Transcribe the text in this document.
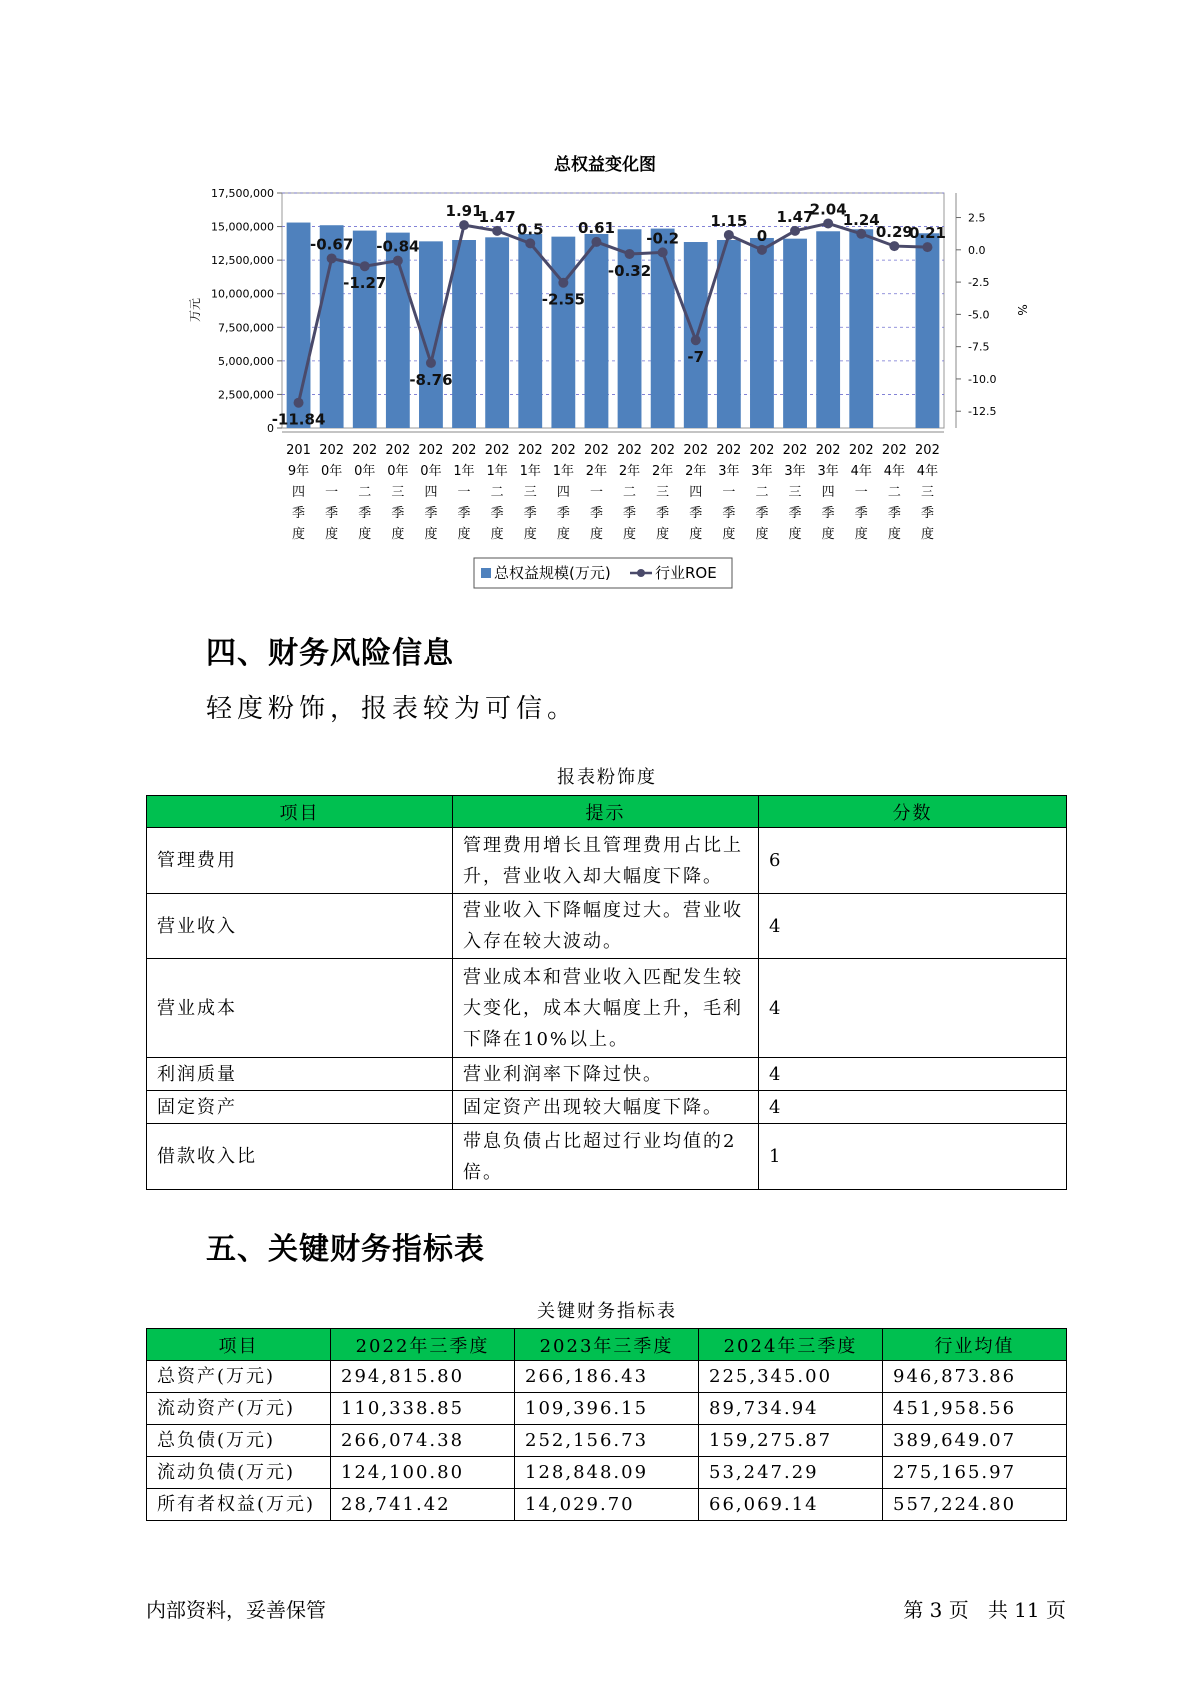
总权益变化图
0
2,500,000
5,000,000
7,500,000
10,000,000
12,500,000
15,000,000
17,500,000
万元
2.5
0.0
-2.5
-5.0
-7.5
-10.0
-12.5
%
201 9年四季度
202 0年一季度
202 0年二季度
202 0年三季度
202 0年四季度
202 1年一季度
202 1年二季度
202 1年三季度
202 1年四季度
202 2年一季度
202 2年二季度
202 2年三季度
202 2年四季度
202 3年一季度
202 3年二季度
202 3年三季度
202 3年四季度
202 4年一季度
202 4年二季度
202 4年三季度
-11.84
-0.67
-1.27
-0.84
-8.76
1.91
1.47
0.5
-2.55
0.61
-0.32
-0.2
-7
1.15
0
1.47
2.04
1.24
0.29
0.21
总权益规模(万元)	行业ROE
四、财务风险信息
轻度粉饰，报表较为可信。
报表粉饰度
项目	提示	分数
管理费用	管理费用增长且管理费用占比上升，营业收入却大幅度下降。	6
营业收入	营业收入下降幅度过大。营业收入存在较大波动。	4
营业成本	营业成本和营业收入匹配发生较大变化，成本大幅度上升，毛利下降在10%以上。	4
利润质量	营业利润率下降过快。	4
固定资产	固定资产出现较大幅度下降。	4
借款收入比	带息负债占比超过行业均值的2倍。	1
五、关键财务指标表
关键财务指标表
项目	2022年三季度	2023年三季度	2024年三季度	行业均值
总资产(万元)	294,815.80	266,186.43	225,345.00	946,873.86
流动资产(万元)	110,338.85	109,396.15	89,734.94	451,958.56
总负债(万元)	266,074.38	252,156.73	159,275.87	389,649.07
流动负债(万元)	124,100.80	128,848.09	53,247.29	275,165.97
所有者权益(万元)	28,741.42	14,029.70	66,069.14	557,224.80
内部资料，妥善保管	第 3 页   共 11 页
